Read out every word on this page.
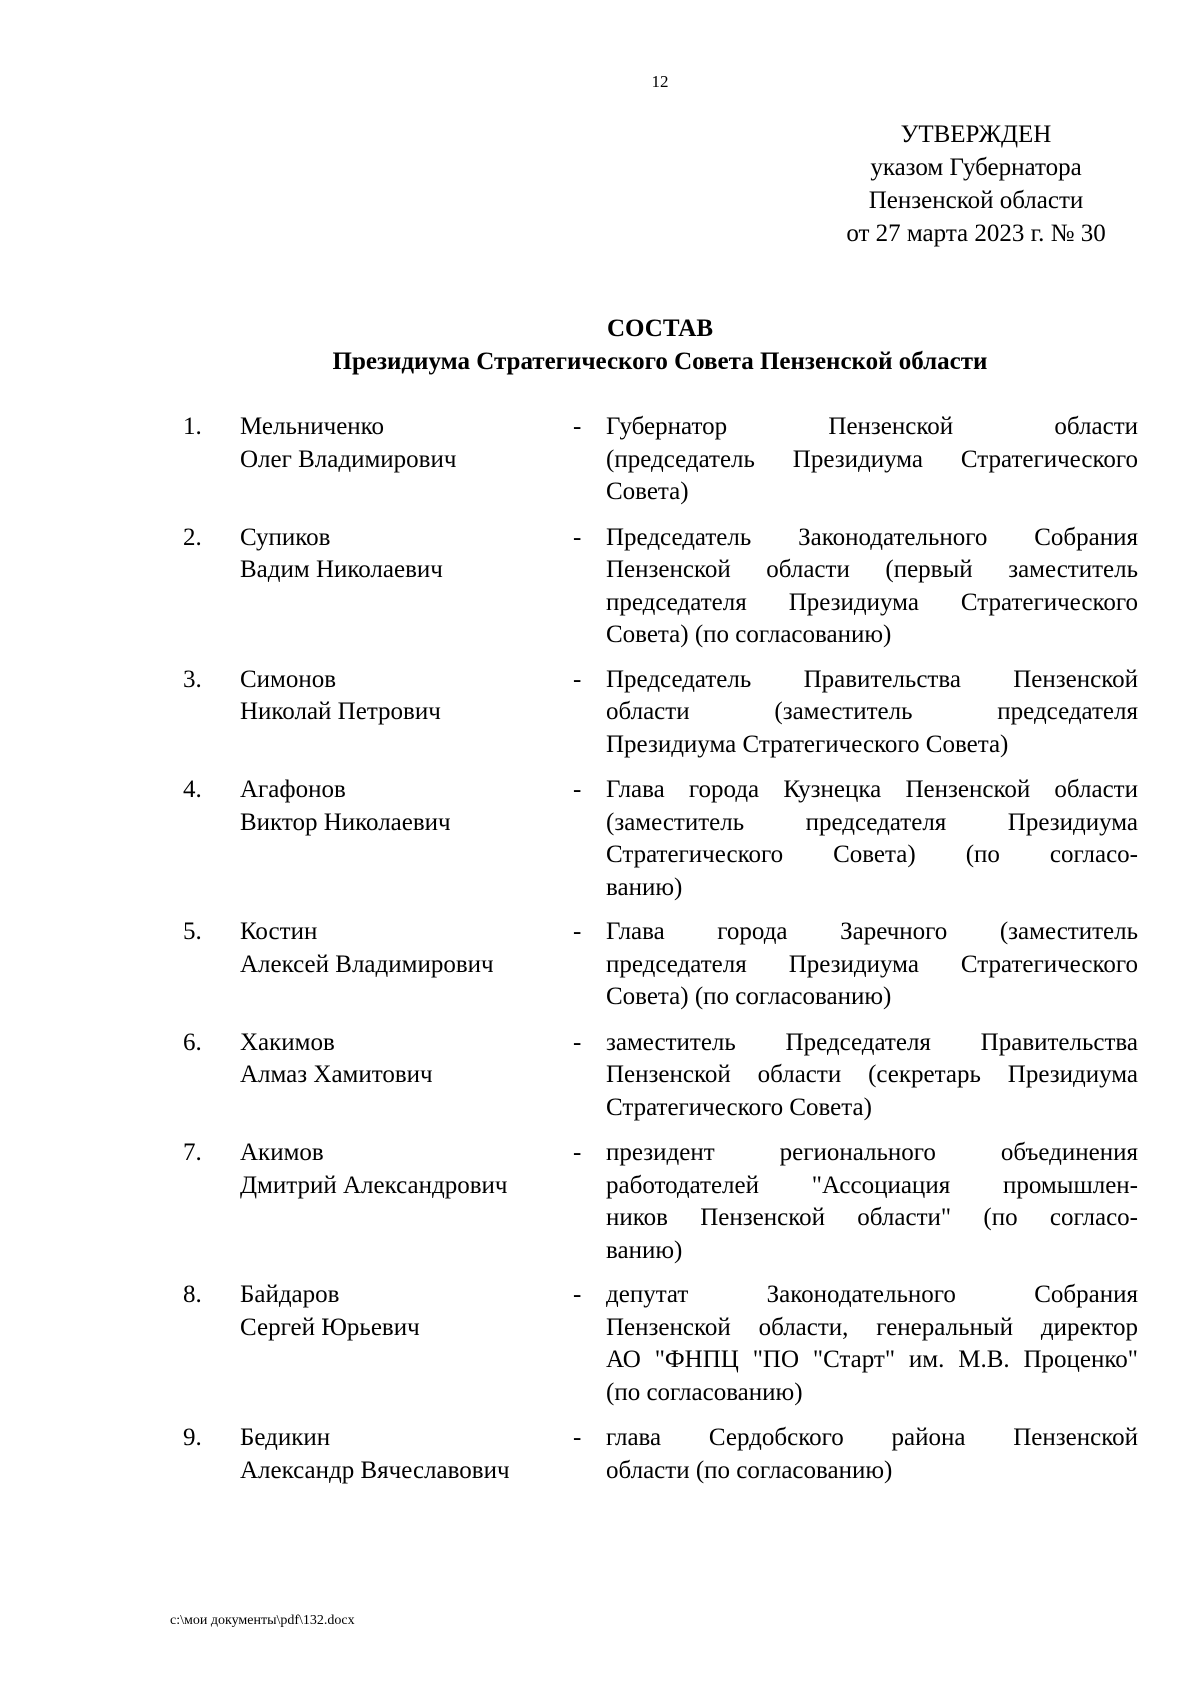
12
УТВЕРЖДЕН
указом Губернатора
Пензенской области
от 27 марта 2023 г. № 30
СОСТАВ
Президиума Стратегического Совета Пензенской области
1.	Мельниченко
Олег Владимирович
- Губернатор Пензенской области
(председатель Президиума Стратегического
Совета)
2.	Супиков
Вадим Николаевич
- Председатель Законодательного Собрания
Пензенской области (первый заместитель
председателя Президиума Стратегического
Совета) (по согласованию)
3.	Симонов
Николай Петрович
- Председатель Правительства Пензенской
области (заместитель председателя
Президиума Стратегического Совета)
4.	Агафонов
Виктор Николаевич
- Глава города Кузнецка Пензенской области
(заместитель председателя Президиума
Стратегического Совета) (по согласо-
ванию)
5.	Костин
Алексей Владимирович
- Глава города Заречного (заместитель
председателя Президиума Стратегического
Совета) (по согласованию)
6.	Хакимов
Алмаз Хамитович
- заместитель Председателя Правительства
Пензенской области (секретарь Президиума
Стратегического Совета)
7.	Акимов
Дмитрий Александрович
- президент регионального объединения
работодателей "Ассоциация промышлен-
ников Пензенской области" (по согласо-
ванию)
8.	Байдаров
Сергей Юрьевич
- депутат Законодательного Собрания
Пензенской области, генеральный директор
АО "ФНПЦ "ПО "Старт" им. М.В. Проценко"
(по согласованию)
9.	Бедикин
Александр Вячеславович
- глава Сердобского района Пензенской
области (по согласованию)
c:\мои документы\pdf\132.docx
